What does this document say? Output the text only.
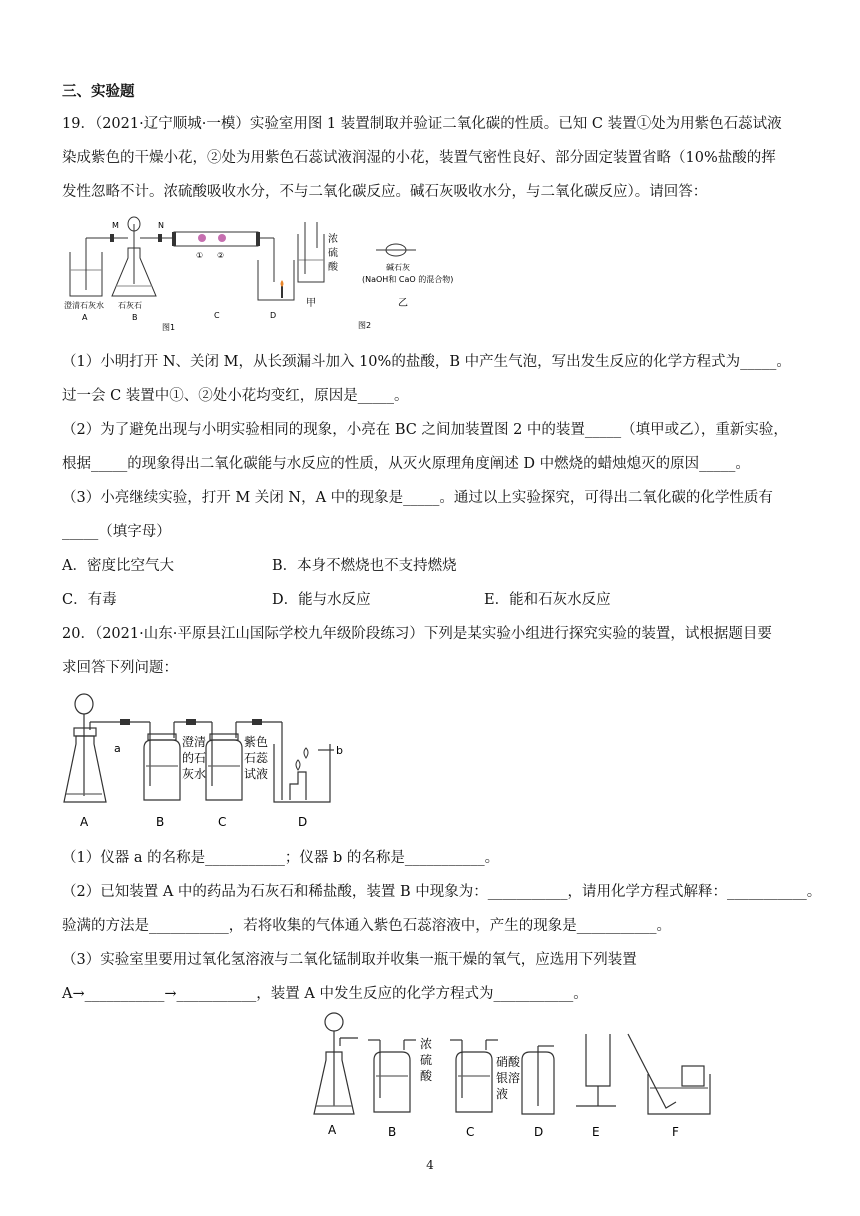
三、实验题
19．（2021·辽宁顺城·一模）实验室用图 1 装置制取并验证二氧化碳的性质。已知 C 装置①处为用紫色石蕊试液
染成紫色的干燥小花，②处为用紫色石蕊试液润湿的小花，装置气密性良好、部分固定装置省略（10%盐酸的挥
发性忽略不计。浓硫酸吸收水分，不与二氧化碳反应。碱石灰吸收水分，与二氧化碳反应）。请回答：
M	N
① ②
澄清石灰水 石灰石
A	B	C	D
图1
浓
硫
酸
甲
碱石灰
(NaOH和 CaO 的混合物)
乙
图2
（1）小明打开 N、关闭 M，从长颈漏斗加入 10%的盐酸，B 中产生气泡，写出发生反应的化学方程式为_____。
过一会 C 装置中①、②处小花均变红，原因是_____。
（2）为了避免出现与小明实验相同的现象，小亮在 BC 之间加装置图 2 中的装置_____（填甲或乙），重新实验，
根据_____的现象得出二氧化碳能与水反应的性质，从灭火原理角度阐述 D 中燃烧的蜡烛熄灭的原因_____。
（3）小亮继续实验，打开 M 关闭 N，A 中的现象是_____。通过以上实验探究，可得出二氧化碳的化学性质有
_____（填字母）
A．密度比空气大	B．本身不燃烧也不支持燃烧
C．有毒	D．能与水反应	E．能和石灰水反应
20．（2021·山东·平原县江山国际学校九年级阶段练习）下列是某实验小组进行探究实验的装置，试根据题目要
求回答下列问题：
a	b
澄清
的石
灰水
紫色
石蕊
试液
A	B	C	D
（1）仪器 a 的名称是___________；仪器 b 的名称是___________。
（2）已知装置 A 中的药品为石灰石和稀盐酸，装置 B 中现象为：___________，请用化学方程式解释：___________。
验满的方法是___________，若将收集的气体通入紫色石蕊溶液中，产生的现象是___________。
（3）实验室里要用过氧化氢溶液与二氧化锰制取并收集一瓶干燥的氧气，应选用下列装置
A→___________→___________，装置 A 中发生反应的化学方程式为___________。
浓
硫
酸
硝酸
银溶
液
A	B	C	D	E	F
4
